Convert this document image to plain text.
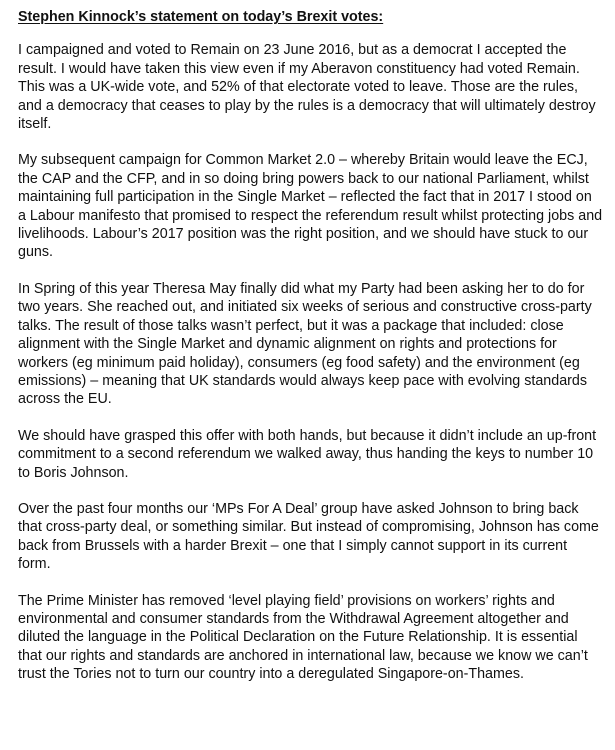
Stephen Kinnock’s statement on today’s Brexit votes:

I campaigned and voted to Remain on 23 June 2016, but as a democrat I accepted the result. I would have taken this view even if my Aberavon constituency had voted Remain. This was a UK-wide vote, and 52% of that electorate voted to leave. Those are the rules, and a democracy that ceases to play by the rules is a democracy that will ultimately destroy itself.

My subsequent campaign for Common Market 2.0 – whereby Britain would leave the ECJ, the CAP and the CFP, and in so doing bring powers back to our national Parliament, whilst maintaining full participation in the Single Market – reflected the fact that in 2017 I stood on a Labour manifesto that promised to respect the referendum result whilst protecting jobs and livelihoods. Labour’s 2017 position was the right position, and we should have stuck to our guns.

In Spring of this year Theresa May finally did what my Party had been asking her to do for two years. She reached out, and initiated six weeks of serious and constructive cross-party talks. The result of those talks wasn’t perfect, but it was a package that included: close alignment with the Single Market and dynamic alignment on rights and protections for workers (eg minimum paid holiday), consumers (eg food safety) and the environment (eg emissions) – meaning that UK standards would always keep pace with evolving standards across the EU.

We should have grasped this offer with both hands, but because it didn’t include an up-front commitment to a second referendum we walked away, thus handing the keys to number 10 to Boris Johnson.

Over the past four months our ‘MPs For A Deal’ group have asked Johnson to bring back that cross-party deal, or something similar. But instead of compromising, Johnson has come back from Brussels with a harder Brexit – one that I simply cannot support in its current form.

The Prime Minister has removed ‘level playing field’ provisions on workers’ rights and environmental and consumer standards from the Withdrawal Agreement altogether and diluted the language in the Political Declaration on the Future Relationship. It is essential that our rights and standards are anchored in international law, because we know we can’t trust the Tories not to turn our country into a deregulated Singapore-on-Thames.
